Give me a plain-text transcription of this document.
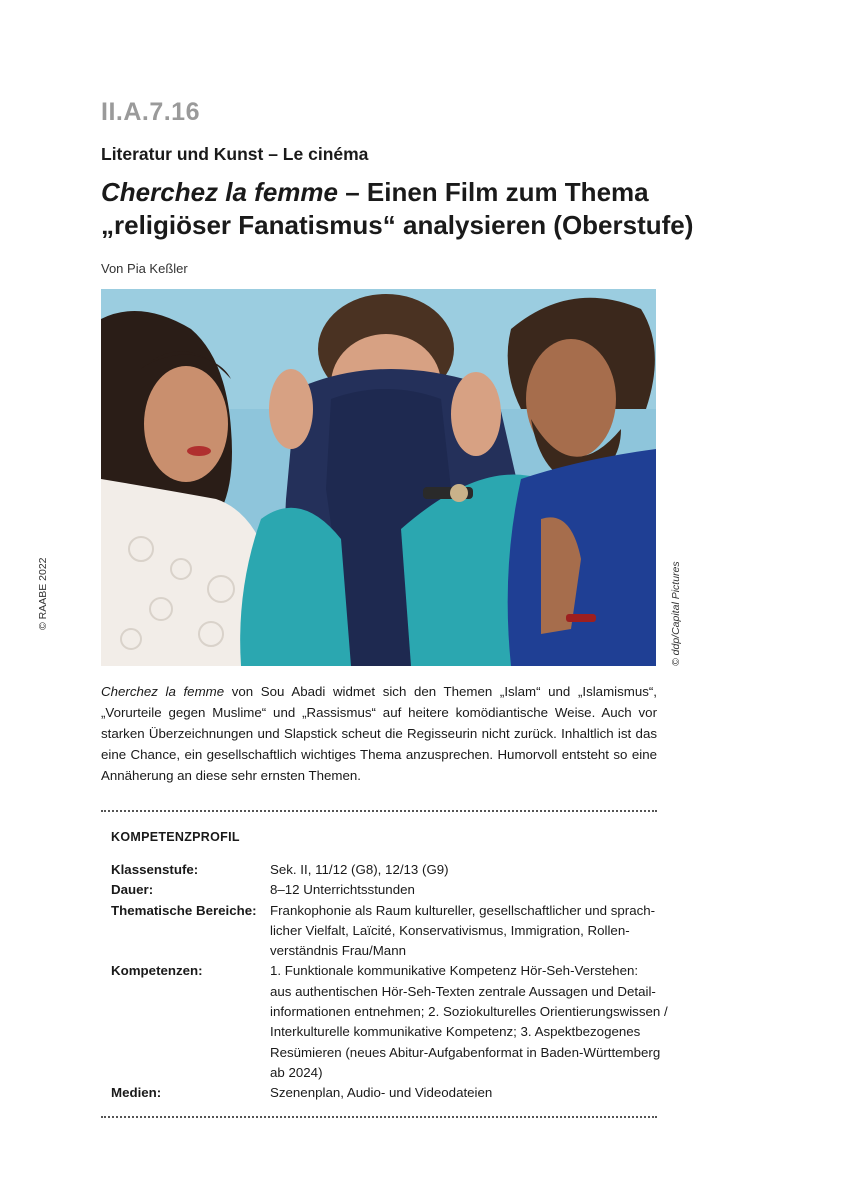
II.A.7.16
Literatur und Kunst – Le cinéma
Cherchez la femme – Einen Film zum Thema
„religiöser Fanatismus“ analysieren (Oberstufe)
Von Pia Keßler
© ddp/Capital Pictures
© RAABE 2022
Cherchez la femme von Sou Abadi widmet sich den Themen „Islam“ und „Islamismus“, „Vorurteile gegen Muslime“ und „Rassismus“ auf heitere komödiantische Weise. Auch vor starken Überzeichnungen und Slapstick scheut die Regisseurin nicht zurück. Inhaltlich ist das eine Chance, ein gesellschaftlich wichtiges Thema anzusprechen. Humorvoll entsteht so eine Annäherung an diese sehr ernsten Themen.
KOMPETENZPROFIL
Klassenstufe:	Sek. II, 11/12 (G8), 12/13 (G9)
Dauer:	8–12 Unterrichtsstunden
Thematische Bereiche:	Frankophonie als Raum kultureller, gesellschaftlicher und sprach-
licher Vielfalt, Laïcité, Konservativismus, Immigration, Rollen-
verständnis Frau/Mann
Kompetenzen:	1. Funktionale kommunikative Kompetenz Hör-Seh-Verstehen:
aus authentischen Hör-Seh-Texten zentrale Aussagen und Detail-
informationen entnehmen; 2. Soziokulturelles Orientierungswissen /
Interkulturelle kommunikative Kompetenz; 3. Aspektbezogenes
Resümieren (neues Abitur-Aufgabenformat in Baden-Württemberg
ab 2024)
Medien:	Szenenplan, Audio- und Videodateien
